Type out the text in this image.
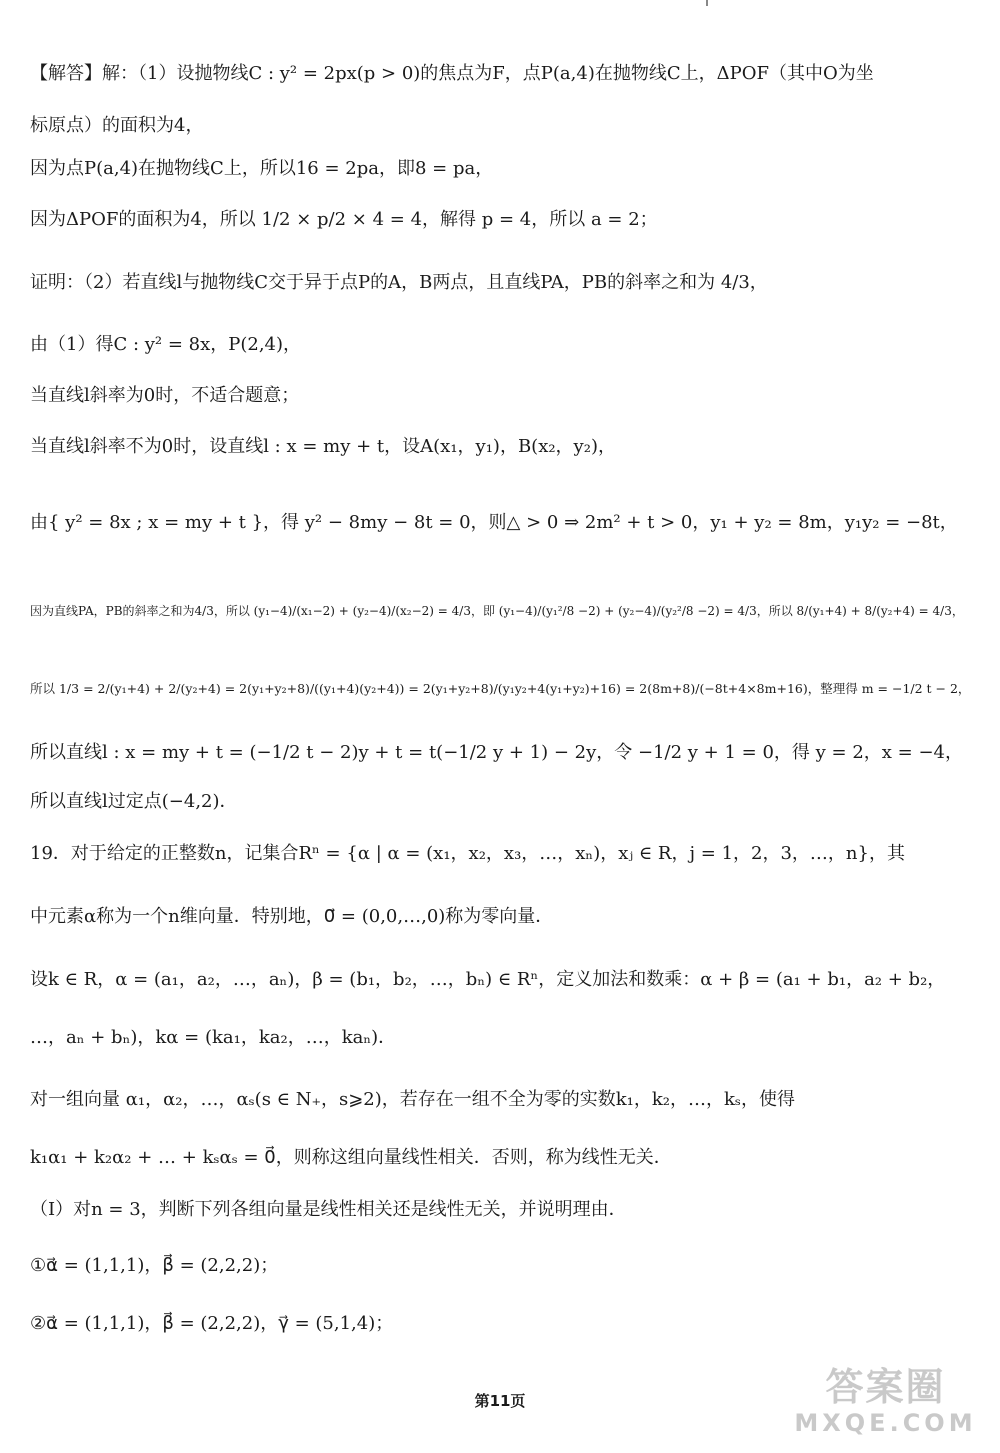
【解答】解：（1）设抛物线C : y² = 2px(p > 0)的焦点为F，点P(a,4)在抛物线C上，ΔPOF（其中O为坐
标原点）的面积为4，
因为点P(a,4)在抛物线C上，所以16 = 2pa，即8 = pa，
因为ΔPOF的面积为4，所以 1/2 × p/2 × 4 = 4，解得 p = 4，所以 a = 2；
证明：（2）若直线l与抛物线C交于异于点P的A，B两点，且直线PA，PB的斜率之和为 4/3，
由（1）得C : y² = 8x，P(2,4)，
当直线l斜率为0时，不适合题意；
当直线l斜率不为0时，设直线l : x = my + t，设A(x₁，y₁)，B(x₂，y₂)，
由{ y² = 8x ; x = my + t }，得 y² − 8my − 8t = 0，则△ > 0 ⇒ 2m² + t > 0，y₁ + y₂ = 8m，y₁y₂ = −8t，
因为直线PA，PB的斜率之和为4/3，所以 (y₁−4)/(x₁−2) + (y₂−4)/(x₂−2) = 4/3，即 (y₁−4)/(y₁²/8 −2) + (y₂−4)/(y₂²/8 −2) = 4/3，所以 8/(y₁+4) + 8/(y₂+4) = 4/3，
所以 1/3 = 2/(y₁+4) + 2/(y₂+4) = 2(y₁+y₂+8)/((y₁+4)(y₂+4)) = 2(y₁+y₂+8)/(y₁y₂+4(y₁+y₂)+16) = 2(8m+8)/(−8t+4×8m+16)，整理得 m = −1/2 t − 2，
所以直线l : x = my + t = (−1/2 t − 2)y + t = t(−1/2 y + 1) − 2y，令 −1/2 y + 1 = 0，得 y = 2，x = −4，
所以直线l过定点(−4,2)．
19．对于给定的正整数n，记集合Rⁿ = {α | α = (x₁，x₂，x₃，…，xₙ)，xⱼ ∈ R，j = 1，2，3，…，n}，其
中元素α称为一个n维向量．特别地，0⃗ = (0,0,…,0)称为零向量．
设k ∈ R，α = (a₁，a₂，…，aₙ)，β = (b₁，b₂，…，bₙ) ∈ Rⁿ，定义加法和数乘：α + β = (a₁ + b₁，a₂ + b₂，
…，aₙ + bₙ)，kα = (ka₁，ka₂，…，kaₙ)．
对一组向量 α₁，α₂，…，αₛ(s ∈ N₊，s⩾2)，若存在一组不全为零的实数k₁，k₂，…，kₛ，使得
k₁α₁ + k₂α₂ + … + kₛαₛ = 0⃗，则称这组向量线性相关．否则，称为线性无关．
（Ⅰ）对n = 3，判断下列各组向量是线性相关还是线性无关，并说明理由．
①α⃗ = (1,1,1)，β⃗ = (2,2,2)；
②α⃗ = (1,1,1)，β⃗ = (2,2,2)，γ⃗ = (5,1,4)；
第11页	答案圈
MXQE.COM
